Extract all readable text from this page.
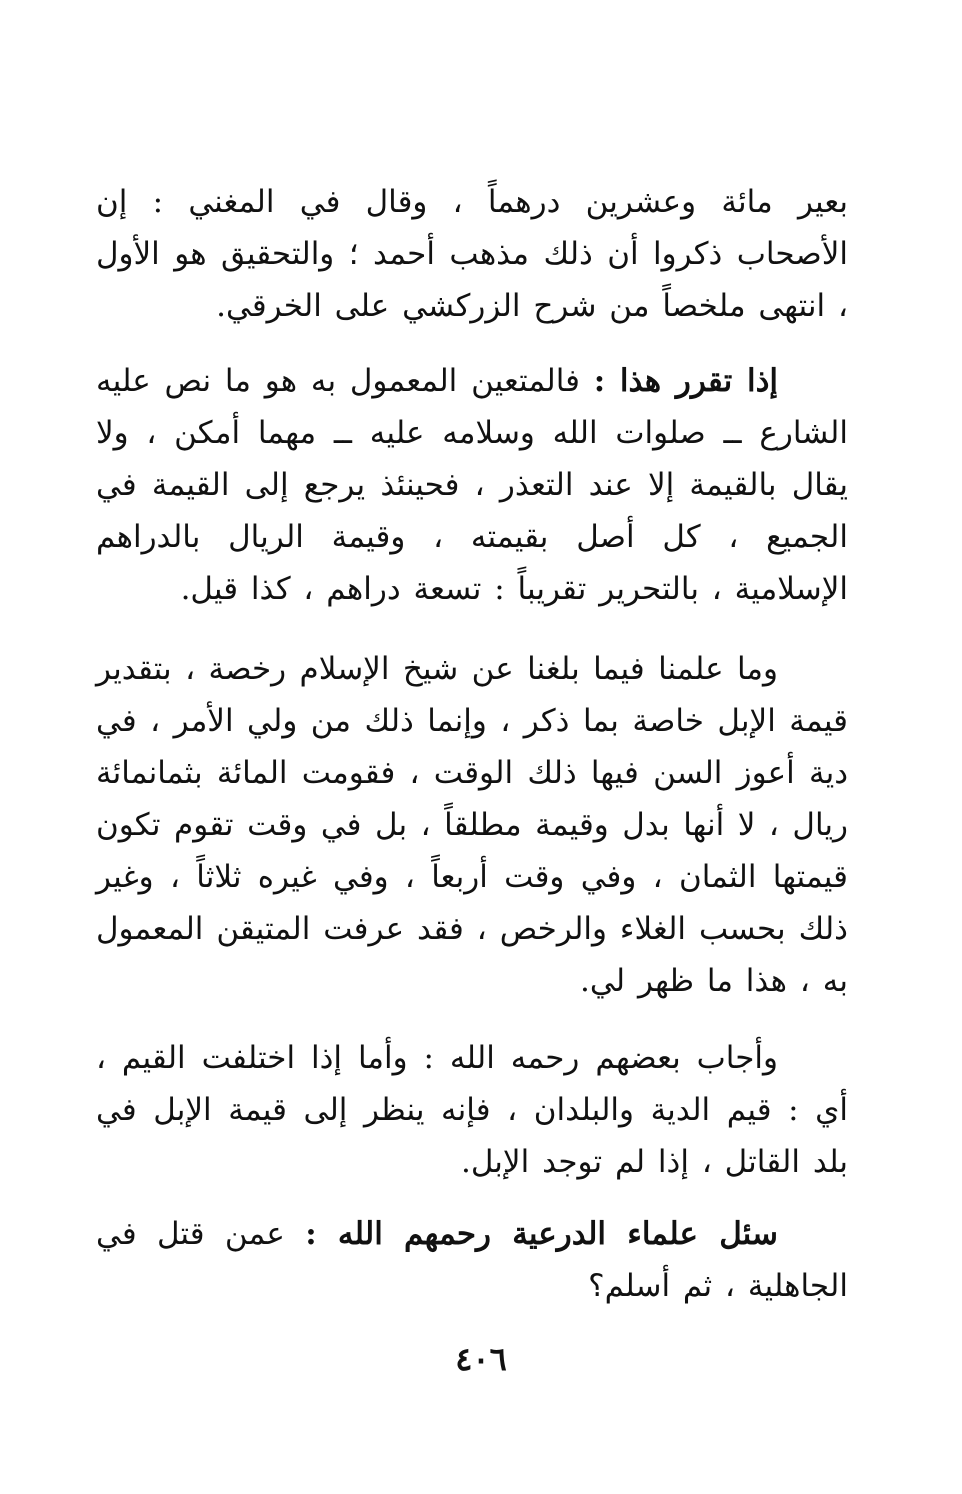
بعير مائة وعشرين درهماً ، وقال في المغني : إن الأصحاب ذكروا أن ذلك مذهب أحمد ؛ والتحقيق هو الأول ، انتهى ملخصاً من شرح الزركشي على الخرقي.
إذا تقرر هذا : فالمتعين المعمول به هو ما نص عليه الشارع ــ صلوات الله وسلامه عليه ــ مهما أمكن ، ولا يقال بالقيمة إلا عند التعذر ، فحينئذ يرجع إلى القيمة في الجميع ، كل أصل بقيمته ، وقيمة الريال بالدراهم الإسلامية ، بالتحرير تقريباً : تسعة دراهم ، كذا قيل.
وما علمنا فيما بلغنا عن شيخ الإسلام رخصة ، بتقدير قيمة الإبل خاصة بما ذكر ، وإنما ذلك من ولي الأمر ، في دية أعوز السن فيها ذلك الوقت ، فقومت المائة بثمانمائة ريال ، لا أنها بدل وقيمة مطلقاً ، بل في وقت تقوم تكون قيمتها الثمان ، وفي وقت أربعاً ، وفي غيره ثلاثاً ، وغير ذلك بحسب الغلاء والرخص ، فقد عرفت المتيقن المعمول به ، هذا ما ظهر لي.
وأجاب بعضهم رحمه الله : وأما إذا اختلفت القيم ، أي : قيم الدية والبلدان ، فإنه ينظر إلى قيمة الإبل في بلد القاتل ، إذا لم توجد الإبل.
سئل علماء الدرعية رحمهم الله : عمن قتل في الجاهلية ، ثم أسلم؟
٤٠٦
